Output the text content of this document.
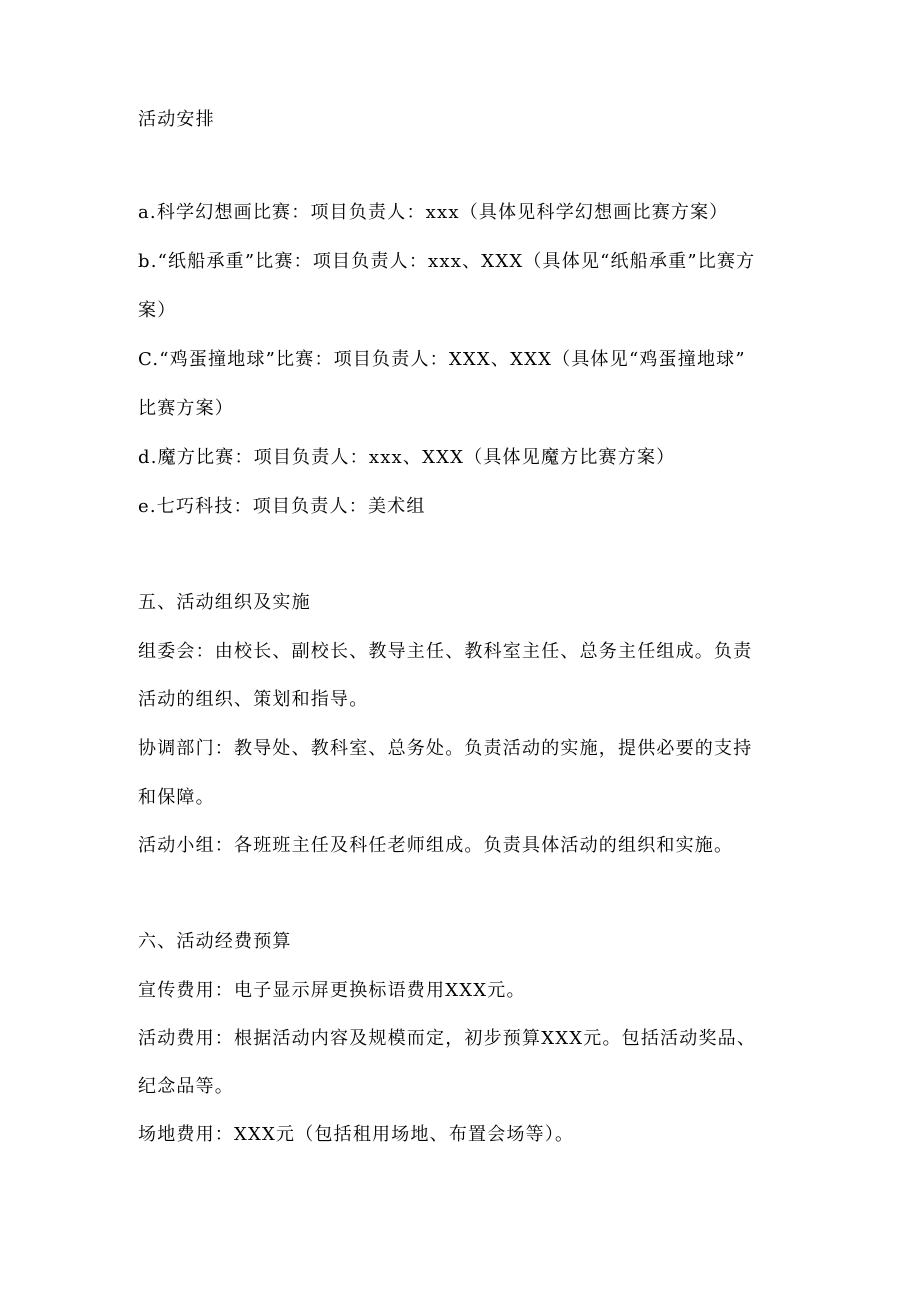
活动安排
a.科学幻想画比赛：项目负责人：xxx（具体见科学幻想画比赛方案）
b.“纸船承重”比赛：项目负责人：xxx、XXX（具体见“纸船承重”比赛方
案）
C.“鸡蛋撞地球”比赛：项目负责人：XXX、XXX（具体见“鸡蛋撞地球”
比赛方案）
d.魔方比赛：项目负责人：xxx、XXX（具体见魔方比赛方案）
e.七巧科技：项目负责人：美术组
五、活动组织及实施
组委会：由校长、副校长、教导主任、教科室主任、总务主任组成。负责
活动的组织、策划和指导。
协调部门：教导处、教科室、总务处。负责活动的实施，提供必要的支持
和保障。
活动小组：各班班主任及科任老师组成。负责具体活动的组织和实施。
六、活动经费预算
宣传费用：电子显示屏更换标语费用XXX元。
活动费用：根据活动内容及规模而定，初步预算XXX元。包括活动奖品、
纪念品等。
场地费用：XXX元（包括租用场地、布置会场等）。
